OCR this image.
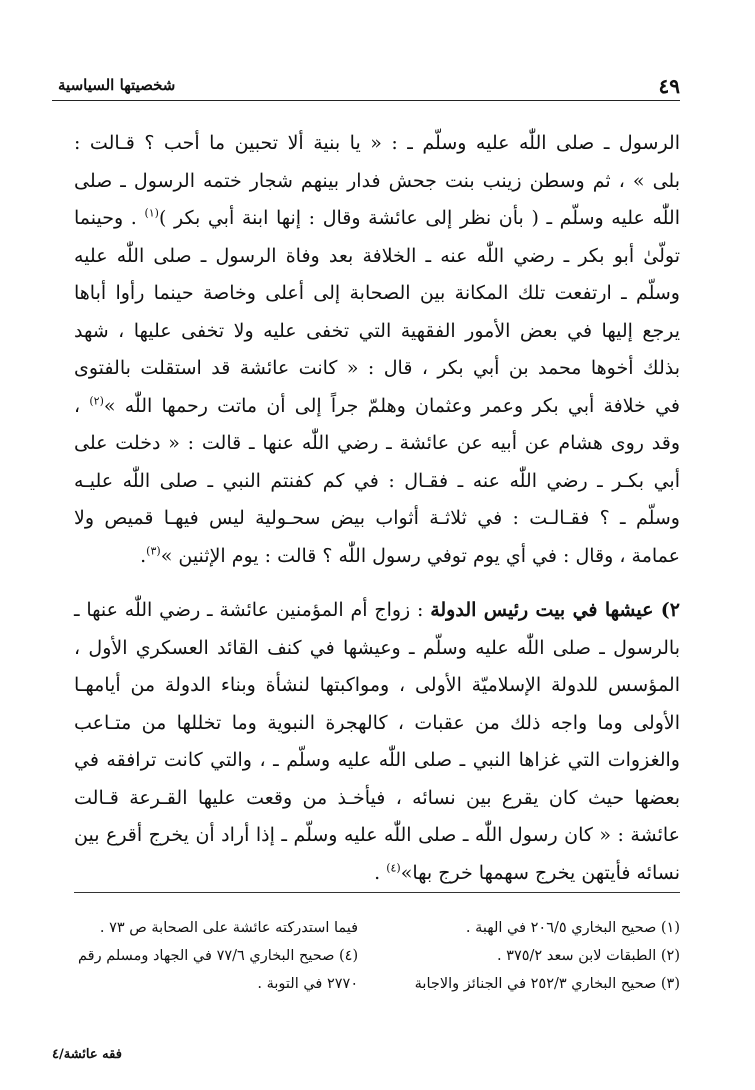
٤٩
شخصيتها السياسية
الرسول ـ صلى اللّٰه عليه وسلّم ـ : « يا بنية ألا تحبين ما أحب ؟ قـالت :
بلى » ، ثم وسطن زينب بنت جحش فدار بينهم شجار ختمه الرسول ـ صلى
اللّٰه عليه وسلّم ـ ( بأن نظر إلى عائشة وقال : إنها ابنة أبي بكر )$^{(١)}$ . وحينما
تولّىٰ أبو بكر ـ رضي اللّٰه عنه ـ الخلافة بعد وفاة الرسول ـ صلى اللّٰه عليه
وسلّم ـ ارتفعت تلك المكانة بين الصحابة إلى أعلى وخاصة حينما رأوا أباها
يرجع إليها في بعض الأمور الفقهية التي تخفى عليه ولا تخفى عليها ، شهد
بذلك أخوها محمد بن أبي بكر ، قال : « كانت عائشة قد استقلت بالفتوى
في خلافة أبي بكر وعمر وعثمان وهلمّ جراً إلى أن ماتت رحمها اللّٰه »$^{(٢)}$ ،
وقد روى هشام عن أبيه عن عائشة ـ رضي اللّٰه عنها ـ قالت : « دخلت على
أبي بكـر ـ رضي اللّٰه عنه ـ فقـال : في كم كفنتم النبي ـ صلى اللّٰه عليـه
وسلّم ـ ؟ فقـالـت : في ثلاثـة أثواب بيض سحـولية ليس فيهـا قميص ولا
عمامة ، وقال : في أي يوم توفي رسول اللّٰه ؟ قالت : يوم الإثنين »$^{(٣)}$.
٢) عيشها في بيت رئيس الدولة : زواج أم المؤمنين عائشة ـ رضي اللّٰه عنها ـ
بالرسول ـ صلى اللّٰه عليه وسلّم ـ وعيشها في كنف القائد العسكري الأول ،
المؤسس للدولة الإسلاميّة الأولى ، ومواكبتها لنشأة وبناء الدولة من أيامهـا
الأولى وما واجه ذلك من عقبات ، كالهجرة النبوية وما تخللها من متـاعب
والغزوات التي غزاها النبي ـ صلى اللّٰه عليه وسلّم ـ ، والتي كانت ترافقه في
بعضها حيث كان يقرع بين نسائه ، فيأخـذ من وقعت عليها القـرعة قـالت
عائشة : « كان رسول اللّٰه ـ صلى اللّٰه عليه وسلّم ـ إذا أراد أن يخرج أقرع بين
نسائه فأيتهن يخرج سهمها خرج بها»$^{(٤)}$ .
(١) صحيح البخاري ٢٠٦/٥ في الهبة .
(٢) الطبقات لابن سعد ٣٧٥/٢ .
(٣) صحيح البخاري ٢٥٢/٣ في الجنائز والاجابة
فيما استدركته عائشة على الصحابة ص ٧٣ .
(٤) صحيح البخاري ٧٧/٦ في الجهاد ومسلم رقم
٢٧٧٠ في التوبة .
فقه عائشة/٤
